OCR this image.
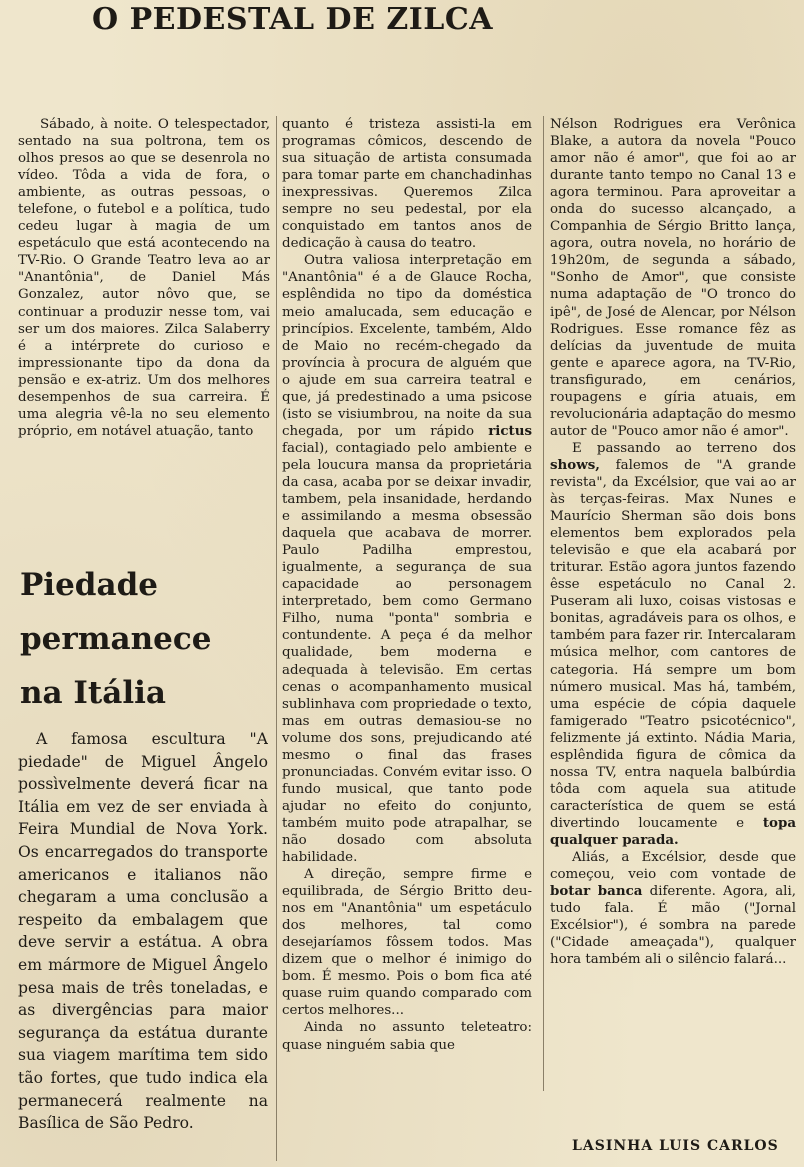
O PEDESTAL DE ZILCA

Sábado, à noite. O telespectador, sentado na sua poltrona, tem os olhos presos ao que se desenrola no vídeo. Tôda a vida de fora, o ambiente, as outras pessoas, o telefone, o futebol e a política, tudo cedeu lugar à magia de um espetáculo que está acontecendo na TV-Rio. O Grande Teatro leva ao ar "Anantônia", de Daniel Más Gonzalez, autor nôvo que, se continuar a produzir nesse tom, vai ser um dos maiores. Zilca Salaberry é a intérprete do curioso e impressionante tipo da dona da pensão e ex-atriz. Um dos melhores desempenhos de sua carreira. É uma alegria vê-la no seu elemento próprio, em notável atuação, tanto

Piedade
permanece
na Itália

A famosa escultura "A piedade" de Miguel Ângelo possìvelmente deverá ficar na Itália em vez de ser enviada à Feira Mundial de Nova York. Os encarregados do transporte americanos e italianos não chegaram a uma conclusão a respeito da embalagem que deve servir a estátua. A obra em mármore de Miguel Ângelo pesa mais de três toneladas, e as divergências para maior segurança da estátua durante sua viagem marítima tem sido tão fortes, que tudo indica ela permanecerá realmente na Basílica de São Pedro.

quanto é tristeza assisti-la em programas cômicos, descendo de sua situação de artista consumada para tomar parte em chanchadinhas inexpressivas. Queremos Zilca sempre no seu pedestal, por ela conquistado em tantos anos de dedicação à causa do teatro.

Outra valiosa interpretação em "Anantônia" é a de Glauce Rocha, esplêndida no tipo da doméstica meio amalucada, sem educação e princípios. Excelente, também, Aldo de Maio no recém-chegado da província à procura de alguém que o ajude em sua carreira teatral e que, já predestinado a uma psicose (isto se visiumbrou, na noite da sua chegada, por um rápido rictus facial), contagiado pelo ambiente e pela loucura mansa da proprietária da casa, acaba por se deixar invadir, tambem, pela insanidade, herdando e assimilando a mesma obsessão daquela que acabava de morrer. Paulo Padilha emprestou, igualmente, a segurança de sua capacidade ao personagem interpretado, bem como Germano Filho, numa "ponta" sombria e contundente. A peça é da melhor qualidade, bem moderna e adequada à televisão. Em certas cenas o acompanhamento musical sublinhava com propriedade o texto, mas em outras demasiou-se no volume dos sons, prejudicando até mesmo o final das frases pronunciadas. Convém evitar isso. O fundo musical, que tanto pode ajudar no efeito do conjunto, também muito pode atrapalhar, se não dosado com absoluta habilidade.

A direção, sempre firme e equilibrada, de Sérgio Britto deu-nos em "Anantônia" um espetáculo dos melhores, tal como desejaríamos fôssem todos. Mas dizem que o melhor é inimigo do bom. É mesmo. Pois o bom fica até quase ruim quando comparado com certos melhores...

Ainda no assunto teleteatro: quase ninguém sabia que

Nélson Rodrigues era Verônica Blake, a autora da novela "Pouco amor não é amor", que foi ao ar durante tanto tempo no Canal 13 e agora terminou. Para aproveitar a onda do sucesso alcançado, a Companhia de Sérgio Britto lança, agora, outra novela, no horário de 19h20m, de segunda a sábado, "Sonho de Amor", que consiste numa adaptação de "O tronco do ipê", de José de Alencar, por Nélson Rodrigues. Esse romance fêz as delícias da juventude de muita gente e aparece agora, na TV-Rio, transfigurado, em cenários, roupagens e gíria atuais, em revolucionária adaptação do mesmo autor de "Pouco amor não é amor".

E passando ao terreno dos shows, falemos de "A grande revista", da Excélsior, que vai ao ar às terças-feiras. Max Nunes e Maurício Sherman são dois bons elementos bem explorados pela televisão e que ela acabará por triturar. Estão agora juntos fazendo êsse espetáculo no Canal 2. Puseram ali luxo, coisas vistosas e bonitas, agradáveis para os olhos, e também para fazer rir. Intercalaram música melhor, com cantores de categoria. Há sempre um bom número musical. Mas há, também, uma espécie de cópia daquele famigerado "Teatro psicotécnico", felizmente já extinto. Nádia Maria, esplêndida figura de cômica da nossa TV, entra naquela balbúrdia tôda com aquela sua atitude característica de quem se está divertindo loucamente e topa qualquer parada.

Aliás, a Excélsior, desde que começou, veio com vontade de botar banca diferente. Agora, ali, tudo fala. É mão ("Jornal Excélsior"), é sombra na parede ("Cidade ameaçada"), qualquer hora também ali o silêncio falará...

LASINHA LUIS CARLOS
